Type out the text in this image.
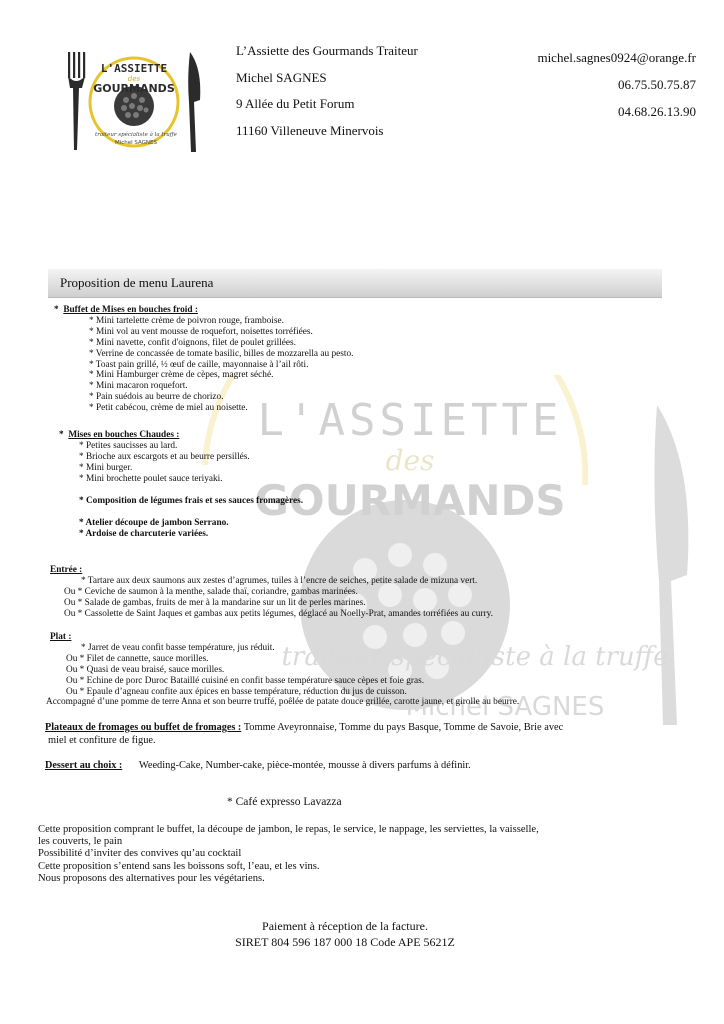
L'ASSIETTE
des
GOURMANDS
traiteur spécialiste à la truffe
Michel SAGNES
L’Assiette des Gourmands Traiteur
Michel SAGNES
9 Allée du Petit Forum
11160 Villeneuve Minervois
michel.sagnes0924@orange.fr
06.75.50.75.87
04.68.26.13.90
Proposition de menu Laurena
L'ASSIETTE
des
GOURMANDS
traiteur spécialiste à la truffe
Michel SAGNES
* Buffet de Mises en bouches froid :
* Mini tartelette crème de poivron rouge, framboise.
* Mini vol au vent mousse de roquefort, noisettes torréfiées.
* Mini navette, confit d'oignons, filet de poulet grillées.
* Verrine de concassée de tomate basilic, billes de mozzarella au pesto.
* Toast pain grillé, ½ œuf de caille, mayonnaise à l’ail rôti.
* Mini Hamburger crème de cèpes, magret séché.
* Mini macaron roquefort.
* Pain suédois au beurre de chorizo.
* Petit cabécou, crème de miel au noisette.
* Mises en bouches Chaudes :
* Petites saucisses au lard.
* Brioche aux escargots et au beurre persillés.
* Mini burger.
* Mini brochette poulet sauce teriyaki.
* Composition de légumes frais et ses sauces fromagères.
* Atelier découpe de jambon Serrano.
* Ardoise de charcuterie variées.
Entrée :
* Tartare aux deux saumons aux zestes d’agrumes, tuiles à l’encre de seiches, petite salade de mizuna vert.
Ou * Ceviche de saumon à la menthe, salade thaï, coriandre, gambas marinées.
Ou * Salade de gambas, fruits de mer à la mandarine sur un lit de perles marines.
Ou * Cassolette de Saint Jaques et gambas aux petits légumes, déglacé au Noelly-Prat, amandes torréfiées au curry.
Plat :
* Jarret de veau confit basse température, jus réduit.
Ou * Filet de cannette, sauce morilles.
Ou * Quasi de veau braisé, sauce morilles.
Ou * Echine de porc Duroc Bataillé cuisiné en confit basse température sauce cèpes et foie gras.
Ou * Epaule d’agneau confite aux épices en basse température, réduction du jus de cuisson.
Accompagné d’une pomme de terre Anna et son beurre truffé, poêlée de patate douce grillée, carotte jaune, et girolle au beurre.
Plateaux de fromages ou buffet de fromages : Tomme Aveyronnaise, Tomme du pays Basque, Tomme de Savoie, Brie avec
miel et confiture de figue.
Dessert au choix : Weeding-Cake, Number-cake, pièce-montée, mousse à divers parfums à définir.
* Café expresso Lavazza
Cette proposition comprant le buffet, la découpe de jambon, le repas, le service, le nappage, les serviettes, la vaisselle,
les couverts, le pain
Possibilité d’inviter des convives qu’au cocktail
Cette proposition s’entend sans les boissons soft, l’eau, et les vins.
Nous proposons des alternatives pour les végétariens.
Paiement à réception de la facture.
SIRET 804 596 187 000 18 Code APE 5621Z
